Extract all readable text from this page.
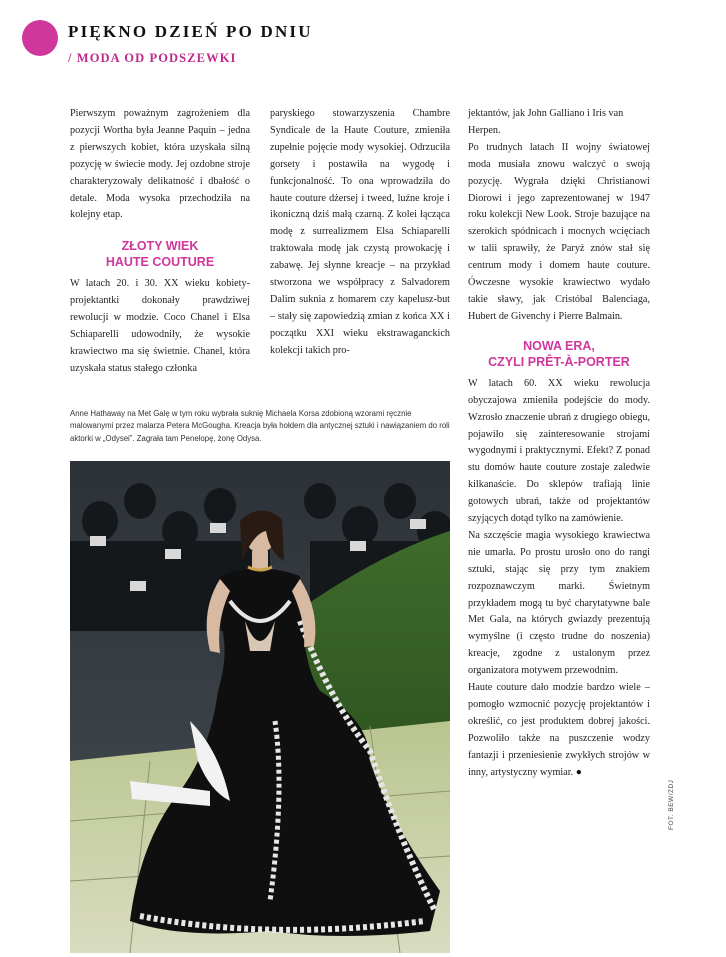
PIĘKNO DZIEŃ PO DNIU
/ MODA OD PODSZEWKI

Pierwszym poważnym zagrożeniem dla pozycji Wortha była Jeanne Paquin – jedna z pierwszych kobiet, która uzyskała silną pozycję w świecie mody. Jej ozdobne stroje charakteryzowały delikatność i dbałość o detale. Moda wysoka przechodziła na kolejny etap.

ZŁOTY WIEK
HAUTE COUTURE

W latach 20. i 30. XX wieku kobiety-projektantki dokonały prawdziwej rewolucji w modzie. Coco Chanel i Elsa Schiaparelli udowodniły, że wysokie krawiectwo ma się świetnie. Chanel, która uzyskała status stałego członka

paryskiego stowarzyszenia Chambre Syndicale de la Haute Couture, zmieniła zupełnie pojęcie mody wysokiej. Odrzuciła gorsety i postawiła na wygodę i funkcjonalność. To ona wprowadziła do haute couture dżersej i tweed, luźne kroje i ikoniczną dziś małą czarną. Z kolei łącząca modę z surrealizmem Elsa Schiaparelli traktowała modę jak czystą prowokację i zabawę. Jej słynne kreacje – na przykład stworzona we współpracy z Salvadorem Dalim suknia z homarem czy kapelusz-but – stały się zapowiedzią zmian z końca XX i początku XXI wieku ekstrawaganckich kolekcji takich pro-

jektantów, jak John Galliano i Iris van Herpen.

Po trudnych latach II wojny światowej moda musiała znowu walczyć o swoją pozycję. Wygrała dzięki Christianowi Diorowi i jego zaprezentowanej w 1947 roku kolekcji New Look. Stroje bazujące na szerokich spódnicach i mocnych wcięciach w talii sprawiły, że Paryż znów stał się centrum mody i domem haute couture. Ówczesne wysokie krawiectwo wydało takie sławy, jak Cristóbal Balenciaga, Hubert de Givenchy i Pierre Balmain.

NOWA ERA,
CZYLI PRÊT-À-PORTER

W latach 60. XX wieku rewolucja obyczajowa zmieniła podejście do mody. Wzrosło znaczenie ubrań z drugiego obiegu, pojawiło się zainteresowanie strojami wygodnymi i praktycznymi. Efekt? Z ponad stu domów haute couture zostaje zaledwie kilkanaście. Do sklepów trafiają linie gotowych ubrań, także od projektantów szyjących dotąd tylko na zamówienie.

Na szczęście magia wysokiego krawiectwa nie umarła. Po prostu urosło ono do rangi sztuki, stając się przy tym znakiem rozpoznawczym marki. Świetnym przykładem mogą tu być charytatywne bale Met Gala, na których gwiazdy prezentują wymyślne (i często trudne do noszenia) kreacje, zgodne z ustalonym przez organizatora motywem przewodnim.

Haute couture dało modzie bardzo wiele – pomogło wzmocnić pozycję projektantów i określić, co jest produktem dobrej jakości. Pozwoliło także na puszczenie wodzy fantazji i przeniesienie zwykłych strojów w inny, artystyczny wymiar. ●

Anne Hathaway na Met Galę w tym roku wybrała suknię Michaela Korsa zdobioną wzorami ręcznie malowanymi przez malarza Petera McGougha. Kreacja była hołdem dla antycznej sztuki i nawiązaniem do roli aktorki w „Odysei”. Zagrała tam Penelopę, żonę Odysa.
FOT. BEW/ZDJ
